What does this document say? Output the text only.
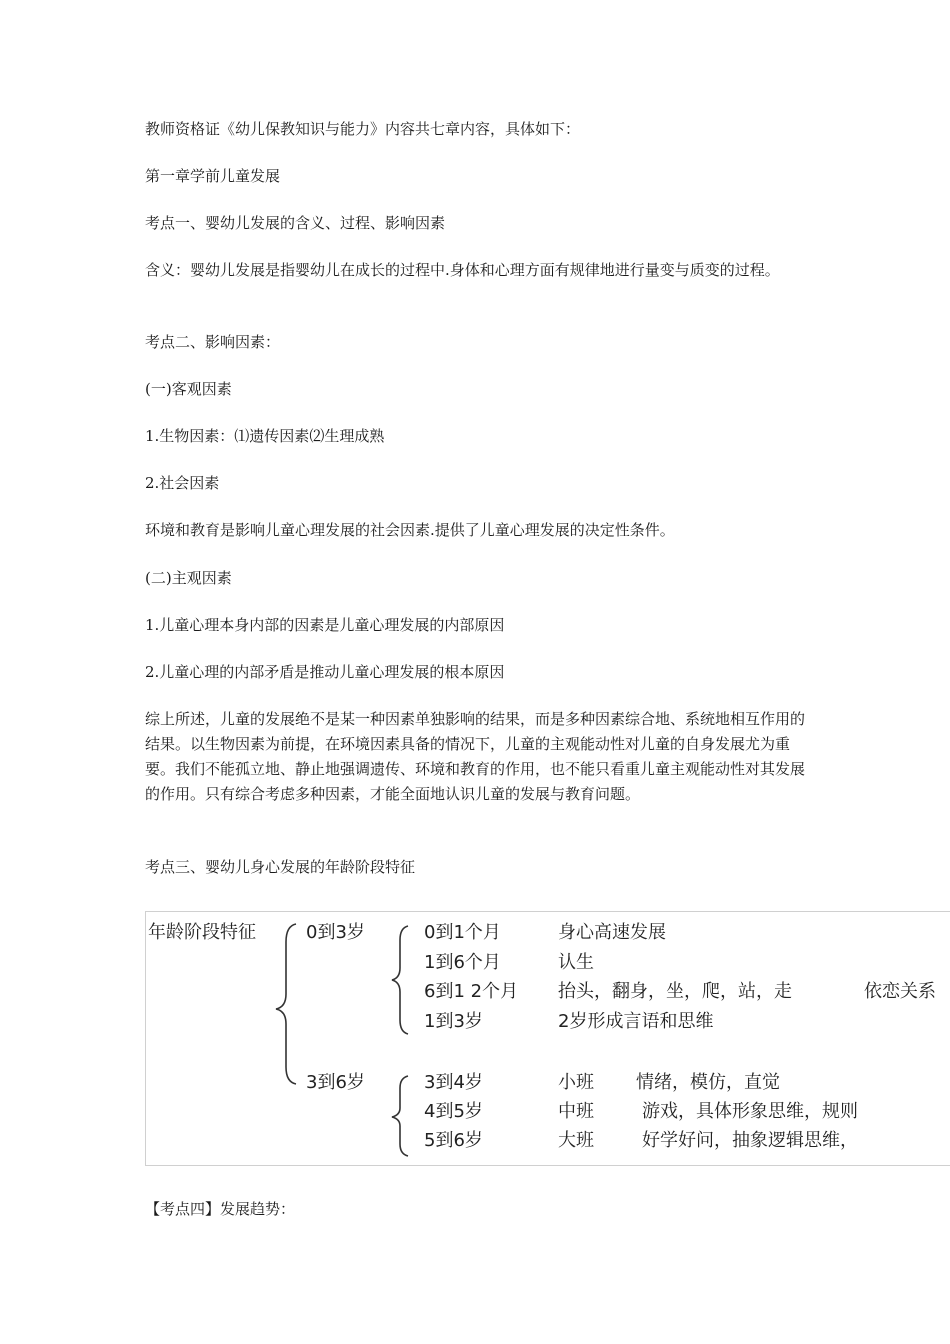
教师资格证《幼儿保教知识与能力》内容共七章内容，具体如下：

第一章学前儿童发展

考点一、婴幼儿发展的含义、过程、影响因素

含义：婴幼儿发展是指婴幼儿在成长的过程中.身体和心理方面有规律地进行量变与质变的过程。

考点二、影响因素：

(一)客观因素

1.生物因素：⑴遗传因素⑵生理成熟

2.社会因素

环境和教育是影响儿童心理发展的社会因素.提供了儿童心理发展的决定性条件。

(二)主观因素

1.儿童心理本身内部的因素是儿童心理发展的内部原因

2.儿童心理的内部矛盾是推动儿童心理发展的根本原因

综上所述，儿童的发展绝不是某一种因素单独影响的结果，而是多种因素综合地、系统地相互作用的结果。以生物因素为前提，在环境因素具备的情况下，儿童的主观能动性对儿童的自身发展尤为重要。我们不能孤立地、静止地强调遗传、环境和教育的作用，也不能只看重儿童主观能动性对其发展的作用。只有综合考虑多种因素，才能全面地认识儿童的发展与教育问题。

考点三、婴幼儿身心发展的年龄阶段特征

年龄阶段特征	0到3岁
3到6岁
0到1个月	身心高速发展
1到6个月	认生
6到1 2个月 抬头，翻身，坐，爬，站，走	依恋关系
1到3岁	2岁形成言语和思维
3到4岁	小班 情绪，模仿，直觉
4到5岁	中班	游戏，具体形象思维，规则
5到6岁	大班	好学好问，抽象逻辑思维，

【考点四】发展趋势：
